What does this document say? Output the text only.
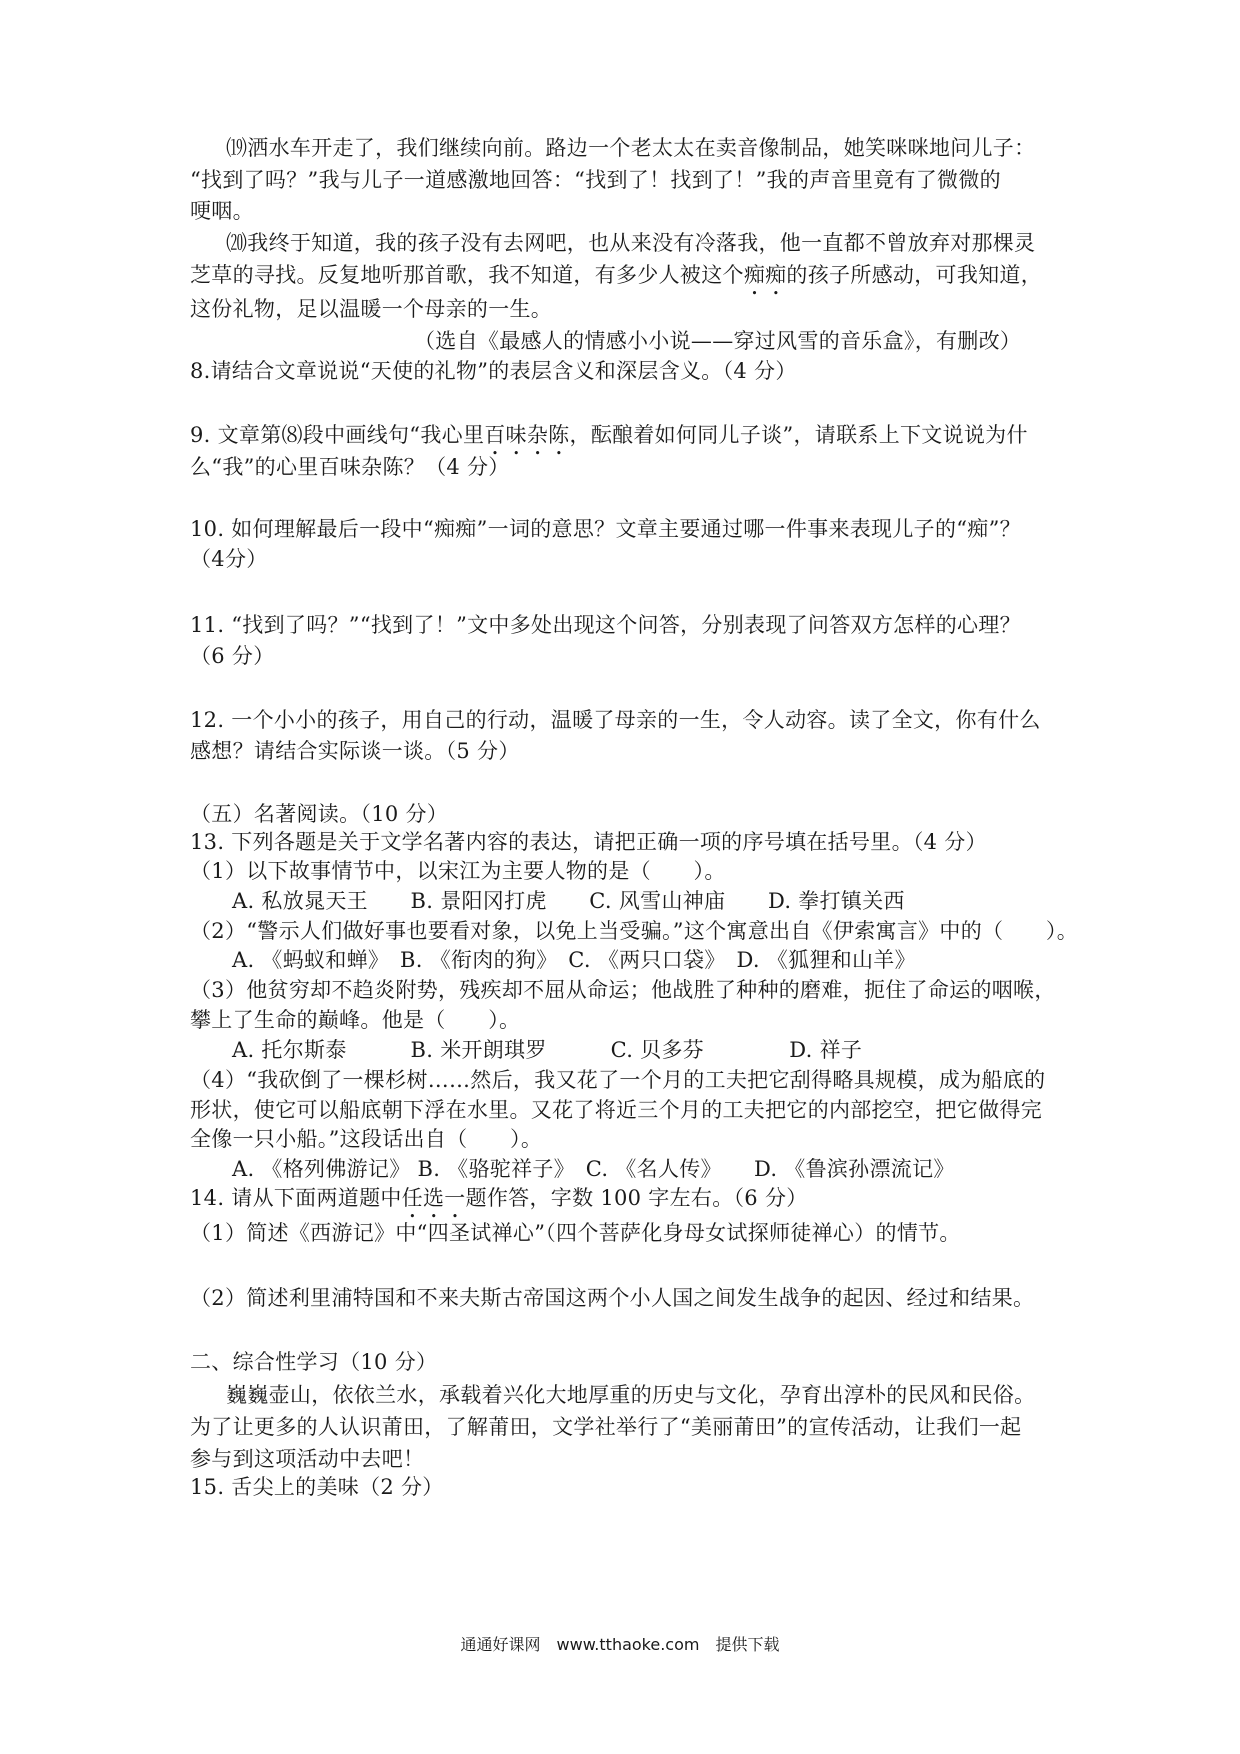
⒆洒水车开走了，我们继续向前。路边一个老太太在卖音像制品，她笑咪咪地问儿子：
“找到了吗？”我与儿子一道感激地回答：“找到了！找到了！”我的声音里竟有了微微的
哽咽。
⒇我终于知道，我的孩子没有去网吧，也从来没有冷落我，他一直都不曾放弃对那棵灵
芝草的寻找。反复地听那首歌，我不知道，有多少人被这个痴痴的孩子所感动，可我知道，
这份礼物，足以温暖一个母亲的一生。
（选自《最感人的情感小小说——穿过风雪的音乐盒》，有删改）
8.请结合文章说说“天使的礼物”的表层含义和深层含义。（4 分）
9. 文章第⑻段中画线句“我心里百味杂陈，酝酿着如何同儿子谈”，请联系上下文说说为什
么“我”的心里百味杂陈？（4 分）
10. 如何理解最后一段中“痴痴”一词的意思？文章主要通过哪一件事来表现儿子的“痴”？
（4分）
11. “找到了吗？”“找到了！”文中多处出现这个问答，分别表现了问答双方怎样的心理？
（6 分）
12. 一个小小的孩子，用自己的行动，温暖了母亲的一生，令人动容。读了全文，你有什么
感想？请结合实际谈一谈。（5 分）
（五）名著阅读。（10 分）
13. 下列各题是关于文学名著内容的表达，请把正确一项的序号填在括号里。（4 分）
（1）以下故事情节中，以宋江为主要人物的是（　　）。
A. 私放晁天王　　B. 景阳冈打虎　　C. 风雪山神庙　　D. 拳打镇关西
（2）“警示人们做好事也要看对象，以免上当受骗。”这个寓意出自《伊索寓言》中的（　　）。
A. 《蚂蚁和蝉》　B. 《衔肉的狗》　C. 《两只口袋》　D. 《狐狸和山羊》
（3）他贫穷却不趋炎附势，残疾却不屈从命运；他战胜了种种的磨难，扼住了命运的咽喉，
攀上了生命的巅峰。他是（　　）。
A. 托尔斯泰　　　B. 米开朗琪罗　　　C. 贝多芬　　　　D. 祥子
（4）“我砍倒了一棵杉树……然后，我又花了一个月的工夫把它刮得略具规模，成为船底的
形状，使它可以船底朝下浮在水里。又花了将近三个月的工夫把它的内部挖空，把它做得完
全像一只小船。”这段话出自（　　）。
A. 《格列佛游记》 B. 《骆驼祥子》　C. 《名人传》　　D. 《鲁滨孙漂流记》
14. 请从下面两道题中任选一题作答，字数 100 字左右。（6 分）
（1）简述《西游记》中“四圣试禅心”（四个菩萨化身母女试探师徒禅心）的情节。
（2）简述利里浦特国和不来夫斯古帝国这两个小人国之间发生战争的起因、经过和结果。
二、综合性学习（10 分）
巍巍壶山，依依兰水，承载着兴化大地厚重的历史与文化，孕育出淳朴的民风和民俗。
为了让更多的人认识莆田，了解莆田，文学社举行了“美丽莆田”的宣传活动，让我们一起
参与到这项活动中去吧！
15. 舌尖上的美味（2 分）
通通好课网　www.tthaoke.com　提供下载
